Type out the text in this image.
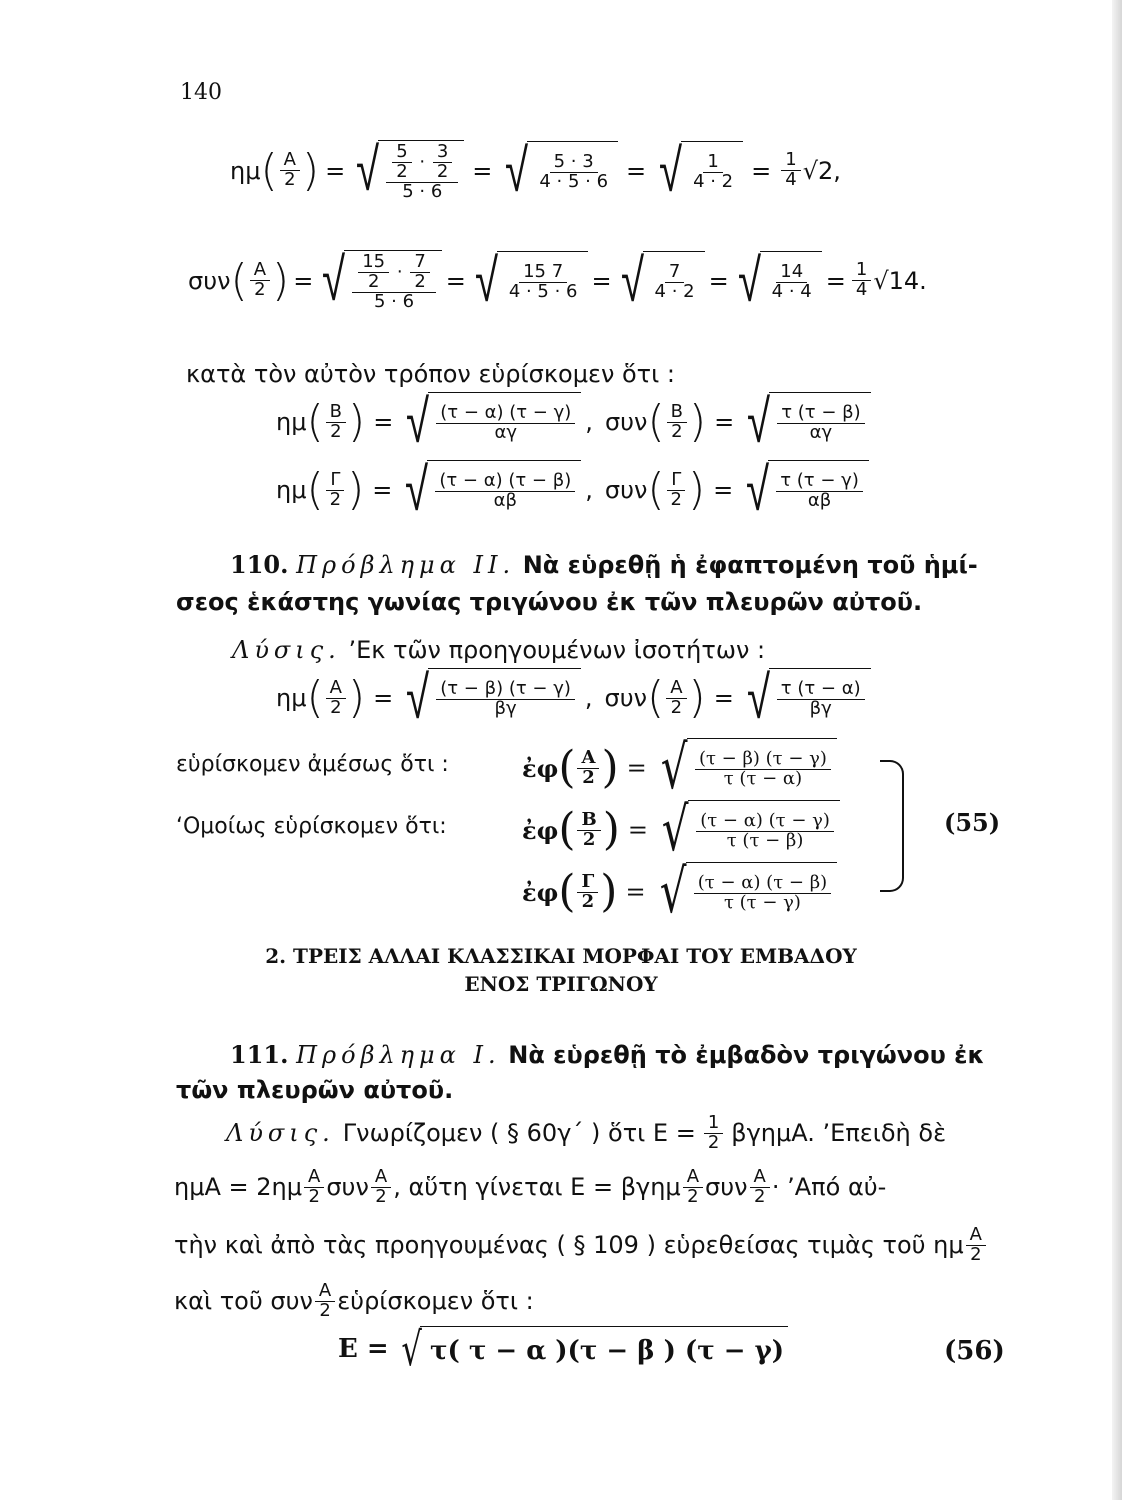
140
ημ ( $\frac{A}{2}$ ) = √ $\frac{\frac{5}{2} \cdot \frac{3}{2}}{5 \cdot 6}$ = √ $\frac{5 \cdot 3}{4 \cdot 5 \cdot 6}$ = √ $\frac{1}{4 \cdot 2} = \frac{1}{4} √2$,
συν ( $\frac{A}{2}$ ) = √ $\frac{\frac{15}{2} \cdot \frac{7}{2}}{5 \cdot 6}$ = √ $\frac{15 7}{4 \cdot 5 \cdot 6}$ = √ $\frac{7}{4 \cdot 2}$ = √ $\frac{14}{4 \cdot 4} = \frac{1}{4} √14$.
κατὰ τὸν αὐτὸν τρόπον εὑρίσκομεν ὅτι :
ημ ( $\frac{B}{2}$ ) = √ $\frac{(\tau - \alpha) (\tau - \gamma)}{\alpha\gamma}$ , συν ( $\frac{B}{2}$ ) = √ $\frac{\tau (\tau - \beta)}{\alpha\gamma}$
ημ ( $\frac{\Gamma}{2}$ ) = √ $\frac{(\tau - \alpha) (\tau - \beta)}{\alpha\beta}$ , συν ( $\frac{\Gamma}{2}$ ) = √ $\frac{\tau (\tau - \gamma)}{\alpha\beta}$
110. Πρόβλημα ΙΙ. Νὰ εὑρεθῇ ἡ ἐφαπτομένη τοῦ ἡμί-
σεος ἑκάστης γωνίας τριγώνου ἐκ τῶν πλευρῶν αὐτοῦ.
Λύσις. ’Εκ τῶν προηγουμένων ἰσοτήτων :
ημ ( $\frac{A}{2}$ ) = √ $\frac{(\tau - \beta) (\tau - \gamma)}{\beta\gamma}$ , συν ( $\frac{A}{2}$ ) = √ $\frac{\tau (\tau - \alpha)}{\beta\gamma}$
εὑρίσκομεν ἀμέσως ὅτι :
‘Ομοίως εὑρίσκομεν ὅτι:
ἐφ ( $\frac{A}{2}$ ) = √ $\frac{(\tau - \beta) (\tau - \gamma)}{\tau (\tau - \alpha)}$
ἐφ ( $\frac{B}{2}$ ) = √ $\frac{(\tau - \alpha) (\tau - \gamma)}{\tau (\tau - \beta)}$
ἐφ ( $\frac{\Gamma}{2}$ ) = √ $\frac{(\tau - \alpha) (\tau - \beta)}{\tau (\tau - \gamma)}$
(55)
2. ΤΡΕΙΣ ΑΛΛΑΙ ΚΛΑΣΣΙΚΑΙ ΜΟΡΦΑΙ ΤΟΥ ΕΜΒΑΔΟΥ
ΕΝΟΣ ΤΡΙΓΩΝΟΥ
111. Πρόβλημα Ι. Νὰ εὑρεθῇ τὸ ἐμβαδὸν τριγώνου ἐκ
τῶν πλευρῶν αὐτοῦ.
Λύσις. Γνωρίζομεν ( § 60γ΄ ) ὅτι $E = \frac{1}{2} \beta\gamma\eta\mu A$. ’Επειδὴ δὲ
$\eta\mu A = 2\eta\mu \frac{A}{2}$ συν $\frac{A}{2}$ , αὕτη γίνεται E = βγημ $\frac{A}{2}$ συν $\frac{A}{2}$ · ’Από αὐ-
τὴν καὶ ἀπὸ τὰς προηγουμένας ( § 109 ) εὑρεθείσας τιμὰς τοῦ ημ $\frac{A}{2}$
καὶ τοῦ συν $\frac{A}{2}$ εὑρίσκομεν ὅτι :
E = √ τ( τ − α )(τ − β ) (τ − γ)	(56)
